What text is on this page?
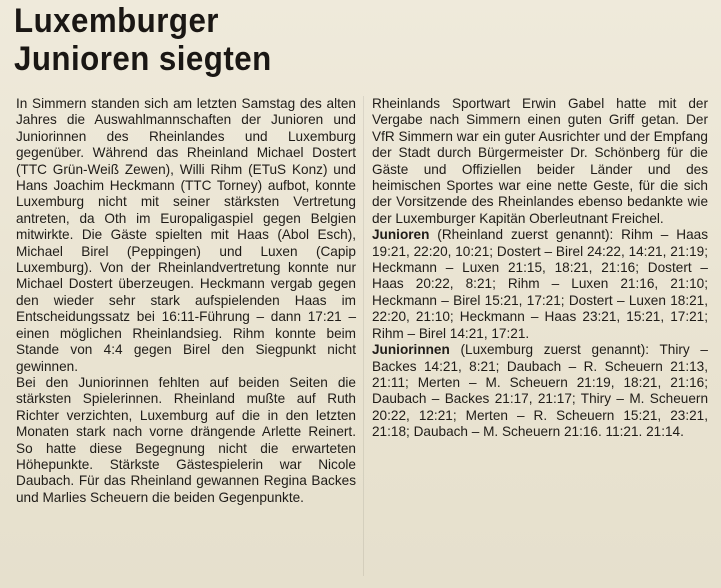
Luxemburger
Junioren siegten

In Simmern standen sich am letzten Samstag des alten Jahres die Auswahlmannschaften der Junioren und Juniorinnen des Rheinlandes und Luxemburg gegenüber. Während das Rheinland Michael Dostert (TTC Grün-Weiß Zewen), Willi Rihm (ETuS Konz) und Hans Joachim Heckmann (TTC Torney) aufbot, konnte Luxemburg nicht mit seiner stärksten Vertretung antreten, da Oth im Europaligaspiel gegen Belgien mitwirkte. Die Gäste spielten mit Haas (Abol Esch), Michael Birel (Peppingen) und Luxen (Capip Luxemburg). Von der Rheinlandvertretung konnte nur Michael Dostert überzeugen. Heckmann vergab gegen den wieder sehr stark aufspielenden Haas im Entscheidungssatz bei 16:11-Führung – dann 17:21 – einen möglichen Rheinlandsieg. Rihm konnte beim Stande von 4:4 gegen Birel den Siegpunkt nicht gewinnen.

Bei den Juniorinnen fehlten auf beiden Seiten die stärksten Spielerinnen. Rheinland mußte auf Ruth Richter verzichten, Luxemburg auf die in den letzten Monaten stark nach vorne drängende Arlette Reinert. So hatte diese Begegnung nicht die erwarteten Höhepunkte. Stärkste Gästespielerin war Nicole Daubach. Für das Rheinland gewannen Regina Backes und Marlies Scheuern die beiden Gegenpunkte.

Rheinlands Sportwart Erwin Gabel hatte mit der Vergabe nach Simmern einen guten Griff getan. Der VfR Simmern war ein guter Ausrichter und der Empfang der Stadt durch Bürgermeister Dr. Schönberg für die Gäste und Offiziellen beider Länder und des heimischen Sportes war eine nette Geste, für die sich der Vorsitzende des Rheinlandes ebenso bedankte wie der Luxemburger Kapitän Oberleutnant Freichel.

Junioren (Rheinland zuerst genannt): Rihm – Haas 19:21, 22:20, 10:21; Dostert – Birel 24:22, 14:21, 21:19; Heckmann – Luxen 21:15, 18:21, 21:16; Dostert – Haas 20:22, 8:21; Rihm – Luxen 21:16, 21:10; Heckmann – Birel 15:21, 17:21; Dostert – Luxen 18:21, 22:20, 21:10; Heckmann – Haas 23:21, 15:21, 17:21; Rihm – Birel 14:21, 17:21.

Juniorinnen (Luxemburg zuerst genannt): Thiry – Backes 14:21, 8:21; Daubach – R. Scheuern 21:13, 21:11; Merten – M. Scheuern 21:19, 18:21, 21:16; Daubach – Backes 21:17, 21:17; Thiry – M. Scheuern 20:22, 12:21; Merten – R. Scheuern 15:21, 23:21, 21:18; Daubach – M. Scheuern 21:16. 11:21. 21:14.
